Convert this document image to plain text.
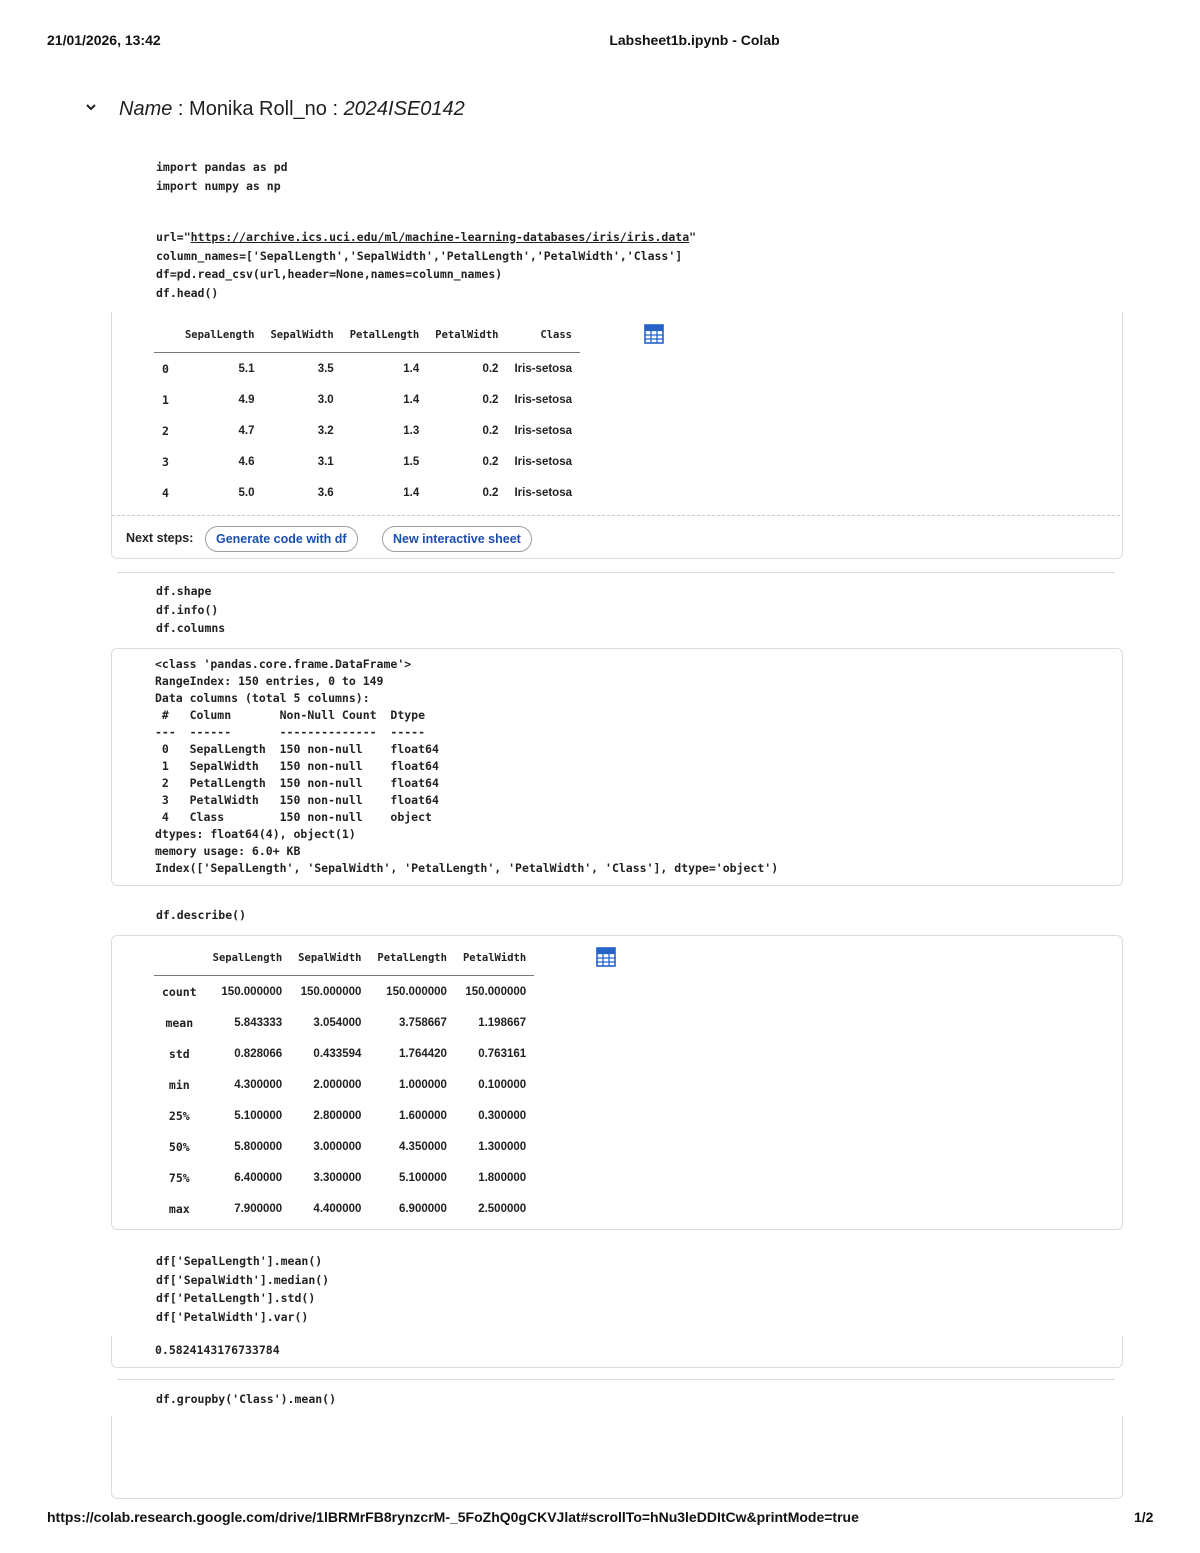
21/01/2026, 13:42	Labsheet1b.ipynb - Colab
Name : Monika Roll_no : 2024ISE0142
import pandas as pd
import numpy as np
url="https://archive.ics.uci.edu/ml/machine-learning-databases/iris/iris.data"
column_names=['SepalLength','SepalWidth','PetalLength','PetalWidth','Class']
df=pd.read_csv(url,header=None,names=column_names)
df.head()
	SepalLength	SepalWidth	PetalLength	PetalWidth	Class
0	5.1	3.5	1.4	0.2	Iris-setosa
1	4.9	3.0	1.4	0.2	Iris-setosa
2	4.7	3.2	1.3	0.2	Iris-setosa
3	4.6	3.1	1.5	0.2	Iris-setosa
4	5.0	3.6	1.4	0.2	Iris-setosa
Next steps:	Generate code with df	New interactive sheet
df.shape
df.info()
df.columns
<class 'pandas.core.frame.DataFrame'>
RangeIndex: 150 entries, 0 to 149
Data columns (total 5 columns):
#   Column       Non-Null Count  Dtype
---  ------       --------------  -----
0   SepalLength  150 non-null    float64
1   SepalWidth   150 non-null    float64
2   PetalLength  150 non-null    float64
3   PetalWidth   150 non-null    float64
4   Class        150 non-null    object
dtypes: float64(4), object(1)
memory usage: 6.0+ KB
Index(['SepalLength', 'SepalWidth', 'PetalLength', 'PetalWidth', 'Class'], dtype='object')
df.describe()
	SepalLength	SepalWidth	PetalLength	PetalWidth
count	150.000000	150.000000	150.000000	150.000000
mean	5.843333	3.054000	3.758667	1.198667
std	0.828066	0.433594	1.764420	0.763161
min	4.300000	2.000000	1.000000	0.100000
25%	5.100000	2.800000	1.600000	0.300000
50%	5.800000	3.000000	4.350000	1.300000
75%	6.400000	3.300000	5.100000	1.800000
max	7.900000	4.400000	6.900000	2.500000
df['SepalLength'].mean()
df['SepalWidth'].median()
df['PetalLength'].std()
df['PetalWidth'].var()
0.5824143176733784
df.groupby('Class').mean()
https://colab.research.google.com/drive/1lBRMrFB8rynzcrM-_5FoZhQ0gCKVJlat#scrollTo=hNu3leDDItCw&printMode=true	1/2
